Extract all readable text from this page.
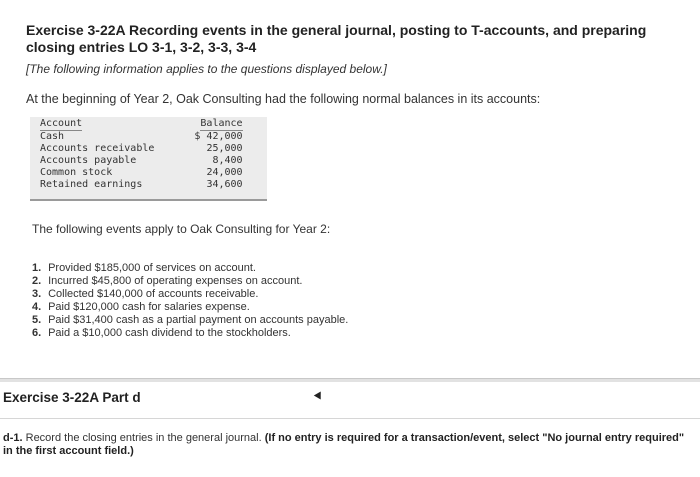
Exercise 3-22A Recording events in the general journal, posting to T-accounts, and preparing closing entries LO 3-1, 3-2, 3-3, 3-4
[The following information applies to the questions displayed below.]
At the beginning of Year 2, Oak Consulting had the following normal balances in its accounts:
Account	Balance
Cash	$ 42,000
Accounts receivable	25,000
Accounts payable	8,400
Common stock	24,000
Retained earnings	34,600
The following events apply to Oak Consulting for Year 2:
1. Provided $185,000 of services on account.
2. Incurred $45,800 of operating expenses on account.
3. Collected $140,000 of accounts receivable.
4. Paid $120,000 cash for salaries expense.
5. Paid $31,400 cash as a partial payment on accounts payable.
6. Paid a $10,000 cash dividend to the stockholders.
Exercise 3-22A Part d
d-1. Record the closing entries in the general journal. (If no entry is required for a transaction/event, select "No journal entry required" in the first account field.)
